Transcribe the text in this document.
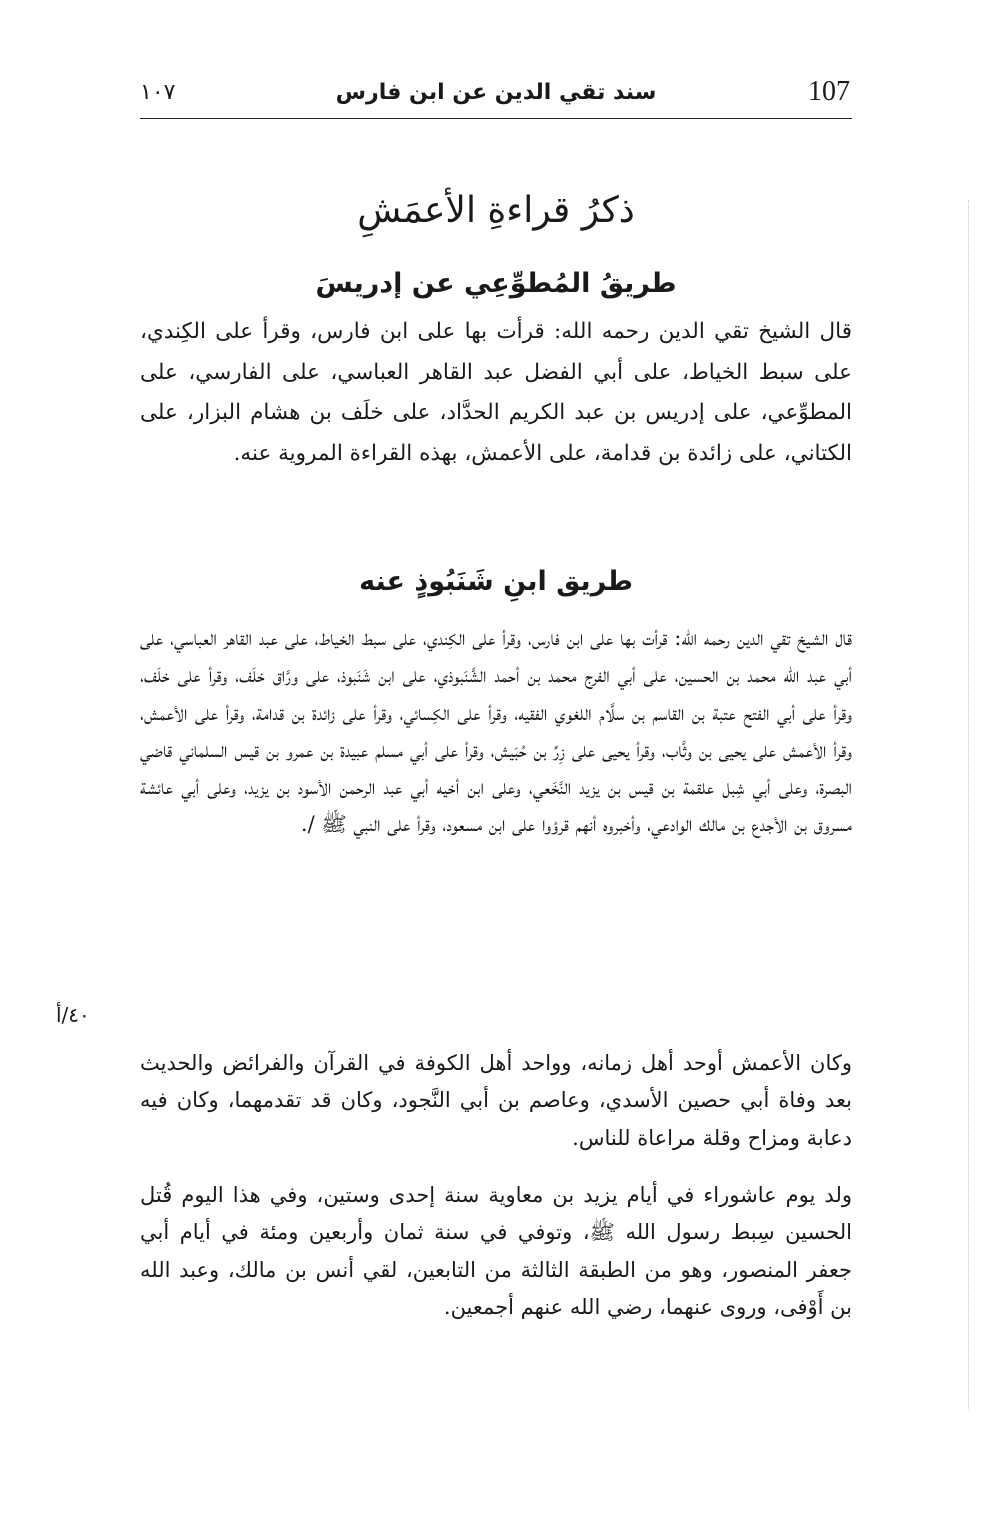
107
سند تقي الدين عن ابن فارس
١٠٧
ذكرُ قراءةِ الأعمَشِ
طريقُ المُطوِّعِي عن إدريسَ

قال الشيخ تقي الدين رحمه الله: قرأت بها على ابن فارس، وقرأ على الكِندي، على سبط الخياط، على أبي الفضل عبد القاهر العباسي، على الفارسي، على المطوِّعي، على إدريس بن عبد الكريم الحدَّاد، على خلَف بن هشام البزار، على الكتاني، على زائدة بن قدامة، على الأعمش، بهذه القراءة المروية عنه.

طريق ابنِ شَنَبُوذٍ عنه

قال الشيخ تقي الدين رحمه الله: قرأت بها على ابن فارس، وقرأ على الكِندي، على سبط الخياط، على عبد القاهر العباسي، على أبي عبد الله محمد بن الحسين، على أبي الفرج محمد بن أحمد الشَّنَبوذي، على ابن شَنَبوذ، على ورَّاق خلَف، وقرأ على خلَف، وقرأ على أبي الفتح عتبة بن القاسم بن سلَّام اللغوي الفقيه، وقرأ على الكِسائي، وقرأ على زائدة بن قدامة، وقرأ على الأعمش، وقرأ الأعمش على يحيى بن وثَّاب، وقرأ يحيى على زِرِّ بن حُبَيش، وقرأ على أبي مسلم عبيدة بن عمرو بن قيس السلماني قاضي البصرة، وعلى أبي شِبل علقمة بن قيس بن يزيد النَّخَعي، وعلى ابن أخيه أبي عبد الرحمن الأسود بن يزيد، وعلى أبي عائشة مسروق بن الأجدع بن مالك الوادعي، وأخبروه أنهم قرؤوا على ابن مسعود، وقرأ على النبي ﷺ /.

وكان الأعمش أوحد أهل زمانه، وواحد أهل الكوفة في القرآن والفرائض والحديث بعد وفاة أبي حصين الأسدي، وعاصم بن أبي النَّجود، وكان قد تقدمهما، وكان فيه دعابة ومزاح وقلة مراعاة للناس.

ولد يوم عاشوراء في أيام يزيد بن معاوية سنة إحدى وستين، وفي هذا اليوم قُتل الحسين سِبط رسول الله ﷺ، وتوفي في سنة ثمان وأربعين ومئة في أيام أبي جعفر المنصور، وهو من الطبقة الثالثة من التابعين، لقي أنس بن مالك، وعبد الله بن أَوْفى، وروى عنهما، رضي الله عنهم أجمعين.

٤٠/أ
